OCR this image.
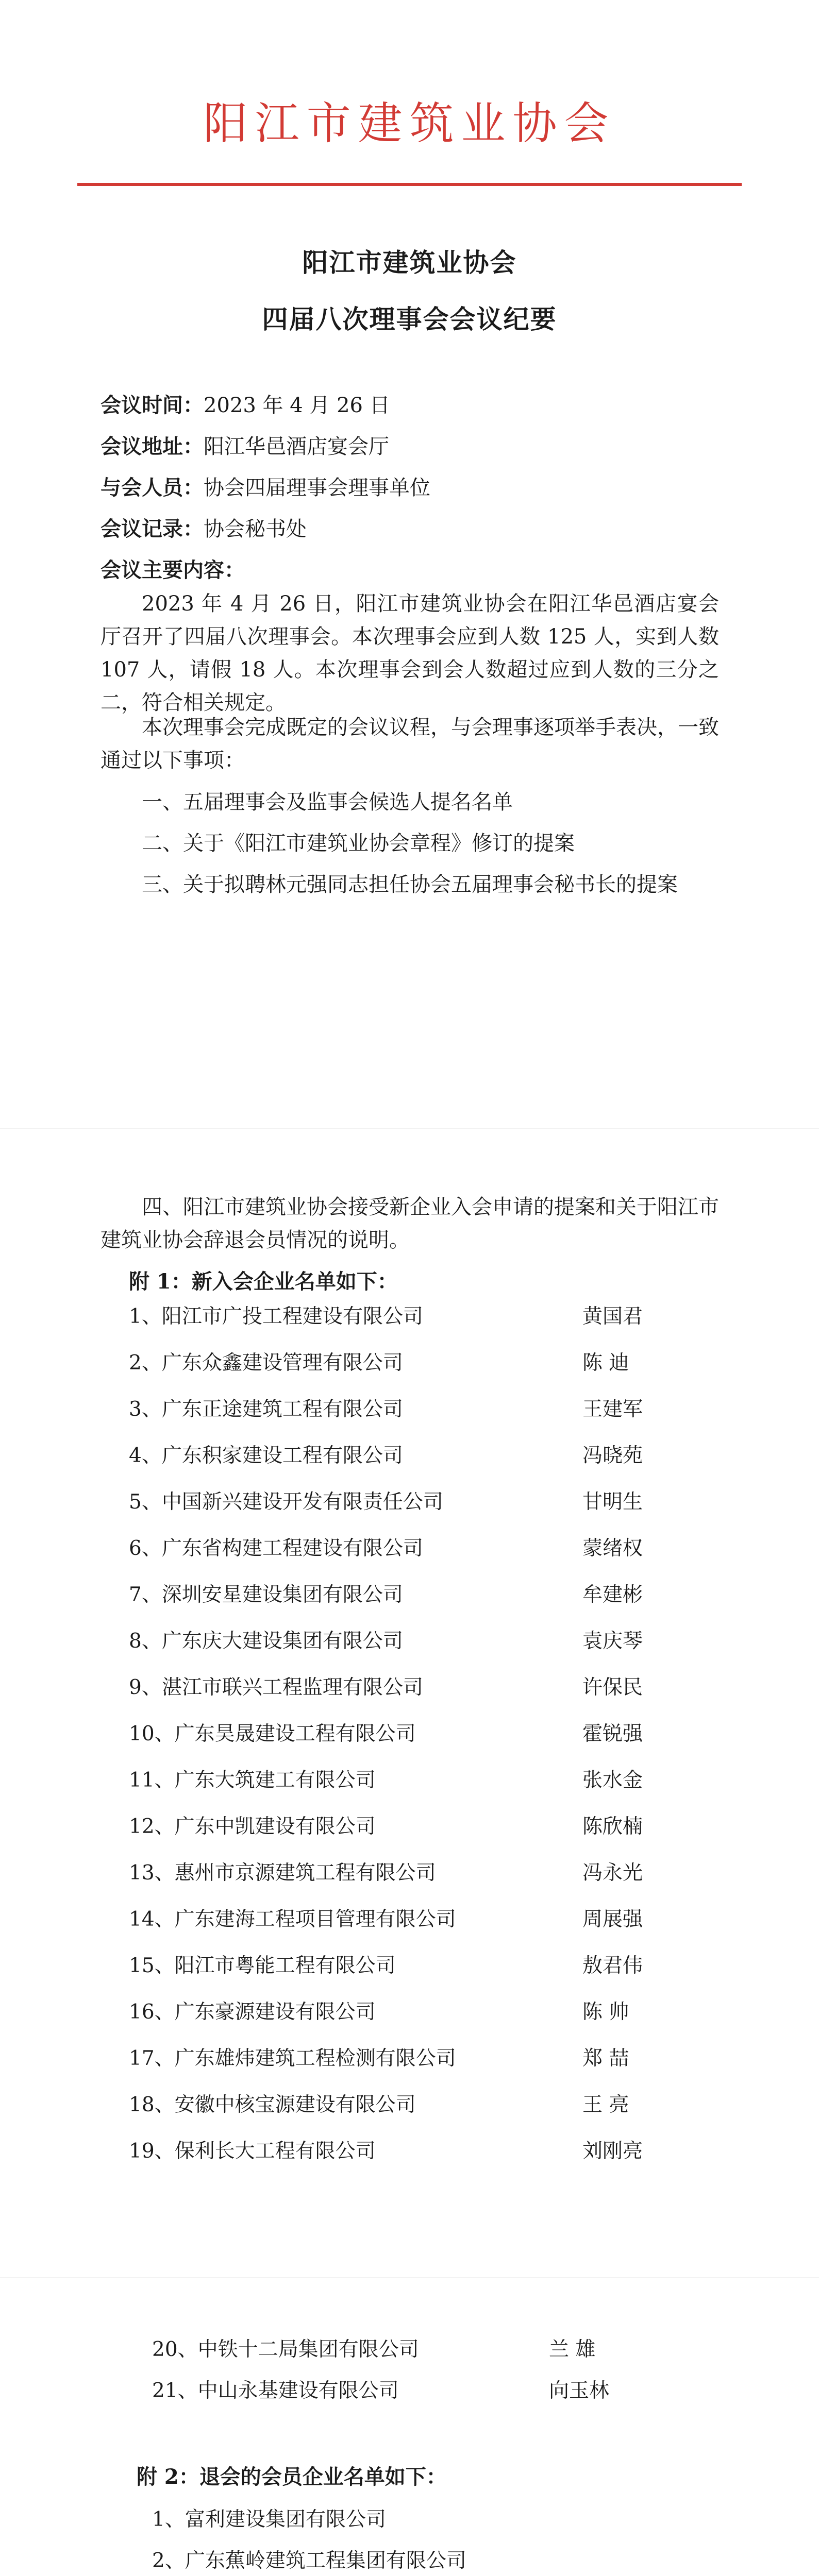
阳江市建筑业协会
阳江市建筑业协会
四届八次理事会会议纪要
会议时间：2023 年 4 月 26 日
会议地址：阳江华邑酒店宴会厅
与会人员：协会四届理事会理事单位
会议记录：协会秘书处
会议主要内容：
2023 年 4 月 26 日，阳江市建筑业协会在阳江华邑酒店宴会厅召开了四届八次理事会。本次理事会应到人数 125 人，实到人数 107 人，请假 18 人。本次理事会到会人数超过应到人数的三分之二，符合相关规定。
本次理事会完成既定的会议议程，与会理事逐项举手表决，一致通过以下事项：
一、五届理事会及监事会候选人提名名单
二、关于《阳江市建筑业协会章程》修订的提案
三、关于拟聘林元强同志担任协会五届理事会秘书长的提案
四、阳江市建筑业协会接受新企业入会申请的提案和关于阳江市建筑业协会辞退会员情况的说明。
附 1：新入会企业名单如下：
1、阳江市广投工程建设有限公司	黄国君
2、广东众鑫建设管理有限公司	陈 迪
3、广东正途建筑工程有限公司	王建军
4、广东积家建设工程有限公司	冯晓苑
5、中国新兴建设开发有限责任公司	甘明生
6、广东省构建工程建设有限公司	蒙绪权
7、深圳安星建设集团有限公司	牟建彬
8、广东庆大建设集团有限公司	袁庆琴
9、湛江市联兴工程监理有限公司	许保民
10、广东昊晟建设工程有限公司	霍锐强
11、广东大筑建工有限公司	张水金
12、广东中凯建设有限公司	陈欣楠
13、惠州市京源建筑工程有限公司	冯永光
14、广东建海工程项目管理有限公司	周展强
15、阳江市粤能工程有限公司	敖君伟
16、广东豪源建设有限公司	陈 帅
17、广东雄炜建筑工程检测有限公司	郑 喆
18、安徽中核宝源建设有限公司	王 亮
19、保利长大工程有限公司	刘刚亮
20、中铁十二局集团有限公司	兰 雄
21、中山永基建设有限公司	向玉林
附 2：退会的会员企业名单如下：
1、富利建设集团有限公司
2、广东蕉岭建筑工程集团有限公司
